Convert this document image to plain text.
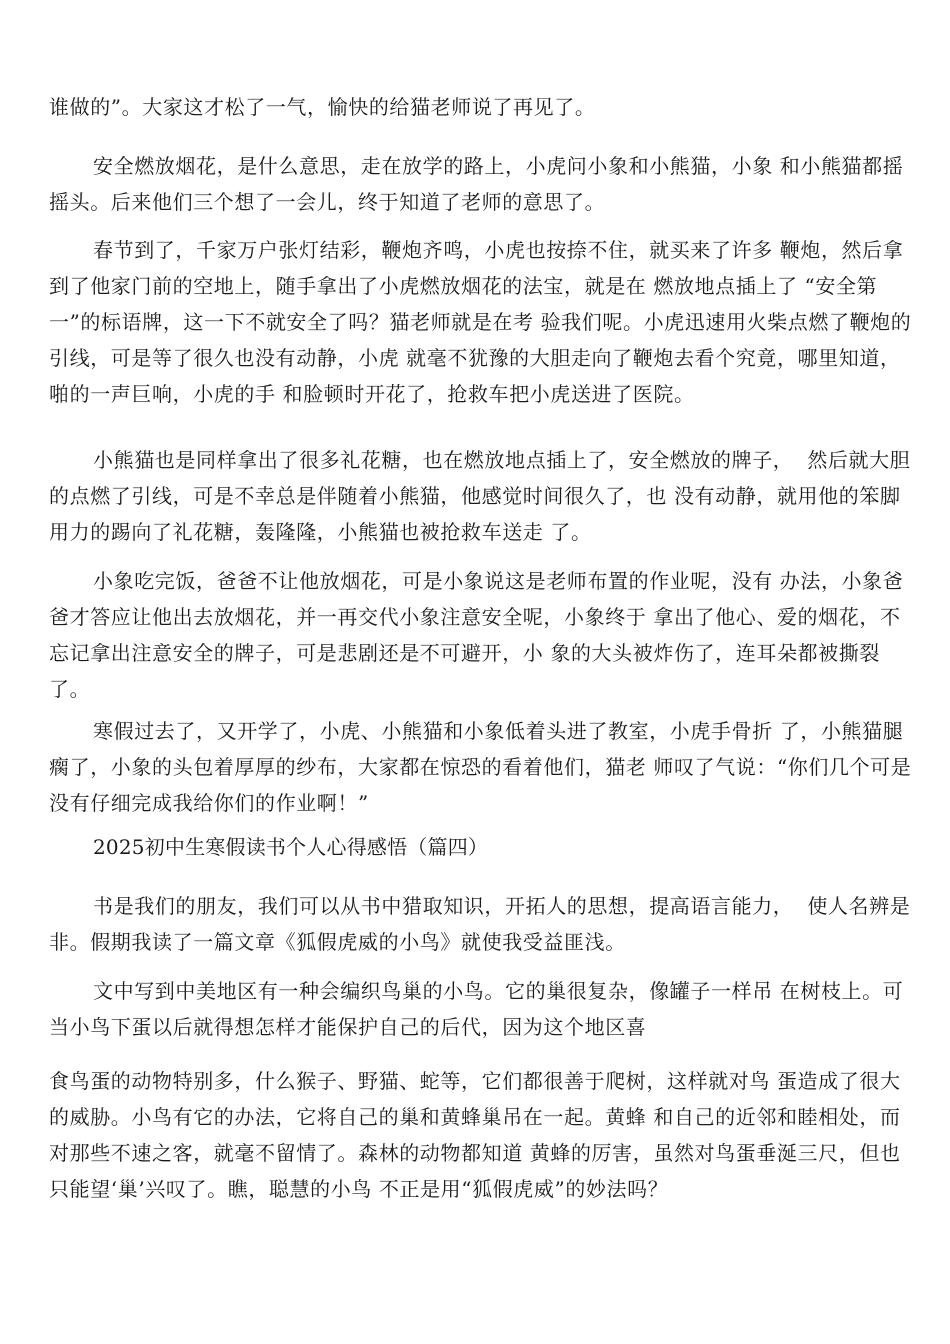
谁做的”。大家这才松了一气，愉快的给猫老师说了再见了。

安全燃放烟花，是什么意思，走在放学的路上，小虎问小象和小熊猫，小象 和小熊猫都摇摇头。后来他们三个想了一会儿，终于知道了老师的意思了。

春节到了，千家万户张灯结彩，鞭炮齐鸣，小虎也按捺不住，就买来了许多 鞭炮，然后拿到了他家门前的空地上，随手拿出了小虎燃放烟花的法宝，就是在 燃放地点插上了 “安全第一”的标语牌，这一下不就安全了吗？猫老师就是在考 验我们呢。小虎迅速用火柴点燃了鞭炮的引线，可是等了很久也没有动静，小虎 就毫不犹豫的大胆走向了鞭炮去看个究竟，哪里知道，啪的一声巨响，小虎的手 和脸顿时开花了，抢救车把小虎送进了医院。

小熊猫也是同样拿出了很多礼花糖，也在燃放地点插上了，安全燃放的牌子，  然后就大胆的点燃了引线，可是不幸总是伴随着小熊猫，他感觉时间很久了，也 没有动静，就用他的笨脚用力的踢向了礼花糖，轰隆隆，小熊猫也被抢救车送走 了。

小象吃完饭，爸爸不让他放烟花，可是小象说这是老师布置的作业呢，没有 办法，小象爸爸才答应让他出去放烟花，并一再交代小象注意安全呢，小象终于 拿出了他心、爱的烟花，不忘记拿出注意安全的牌子，可是悲剧还是不可避开，小 象的大头被炸伤了，连耳朵都被撕裂了。

寒假过去了，又开学了，小虎、小熊猫和小象低着头进了教室，小虎手骨折 了，小熊猫腿瘸了，小象的头包着厚厚的纱布，大家都在惊恐的看着他们，猫老 师叹了气说：“你们几个可是没有仔细完成我给你们的作业啊！”

2025初中生寒假读书个人心得感悟（篇四）

书是我们的朋友，我们可以从书中猎取知识，开拓人的思想，提高语言能力，  使人名辨是非。假期我读了一篇文章《狐假虎威的小鸟》就使我受益匪浅。

文中写到中美地区有一种会编织鸟巢的小鸟。它的巢很复杂，像罐子一样吊 在树枝上。可当小鸟下蛋以后就得想怎样才能保护自己的后代，因为这个地区喜

食鸟蛋的动物特别多，什么猴子、野猫、蛇等，它们都很善于爬树，这样就对鸟 蛋造成了很大的威胁。小鸟有它的办法，它将自己的巢和黄蜂巢吊在一起。黄蜂 和自己的近邻和睦相处，而对那些不速之客，就毫不留情了。森林的动物都知道 黄蜂的厉害，虽然对鸟蛋垂涎三尺，但也只能望‘巢’兴叹了。瞧，聪慧的小鸟 不正是用“狐假虎威”的妙法吗？
